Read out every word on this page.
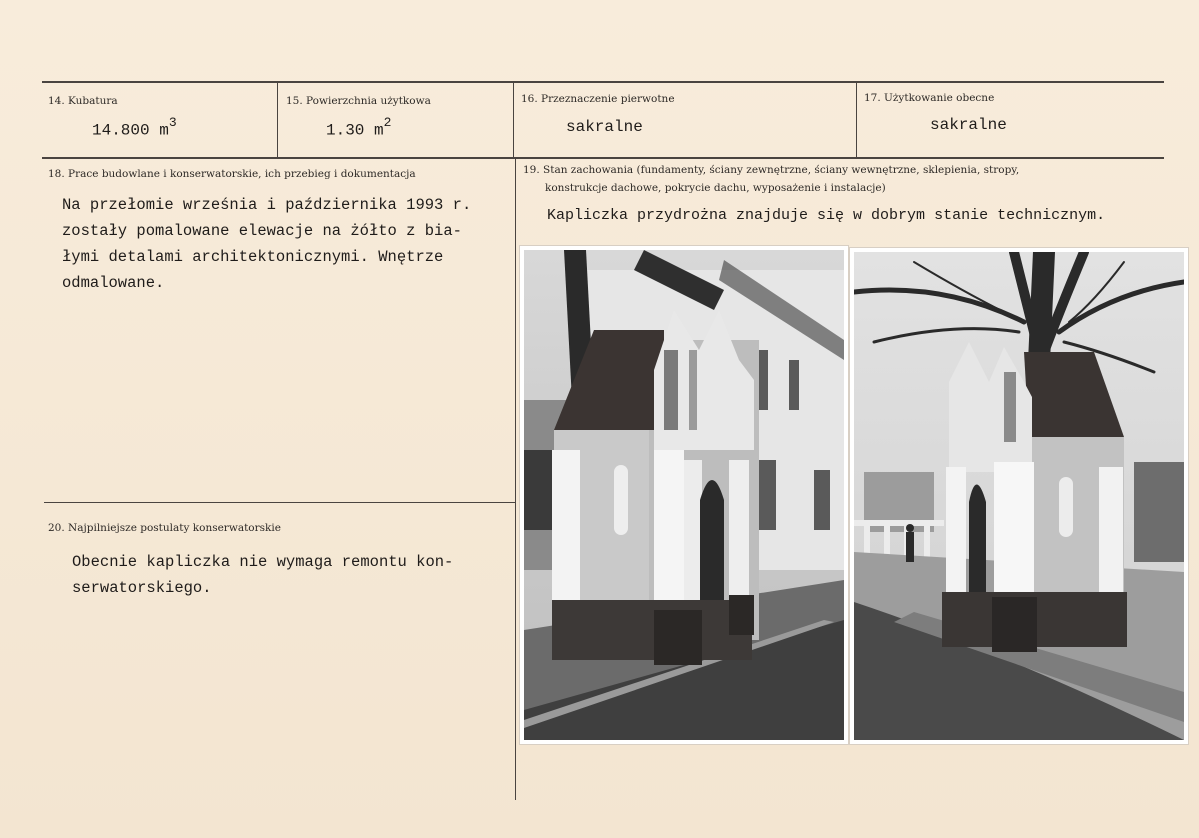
14. Kubatura
14.800 $m^3$
15. Powierzchnia użytkowa
1.30 $m^2$
16. Przeznaczenie pierwotne
sakralne
17. Użytkowanie obecne
sakralne
18. Prace budowlane i konserwatorskie, ich przebieg i dokumentacja
Na przełomie września i października 1993 r.
zostały pomalowane elewacje na żółto z bia-
łymi detalami architektonicznymi. Wnętrze
odmalowane.
19. Stan zachowania (fundamenty, ściany zewnętrzne, ściany wewnętrzne, sklepienia, stropy,
konstrukcje dachowe, pokrycie dachu, wyposażenie i instalacje)
Kapliczka przydrożna znajduje się w dobrym stanie technicznym.
20. Najpilniejsze postulaty konserwatorskie
Obecnie kapliczka nie wymaga remontu kon-
serwatorskiego.
